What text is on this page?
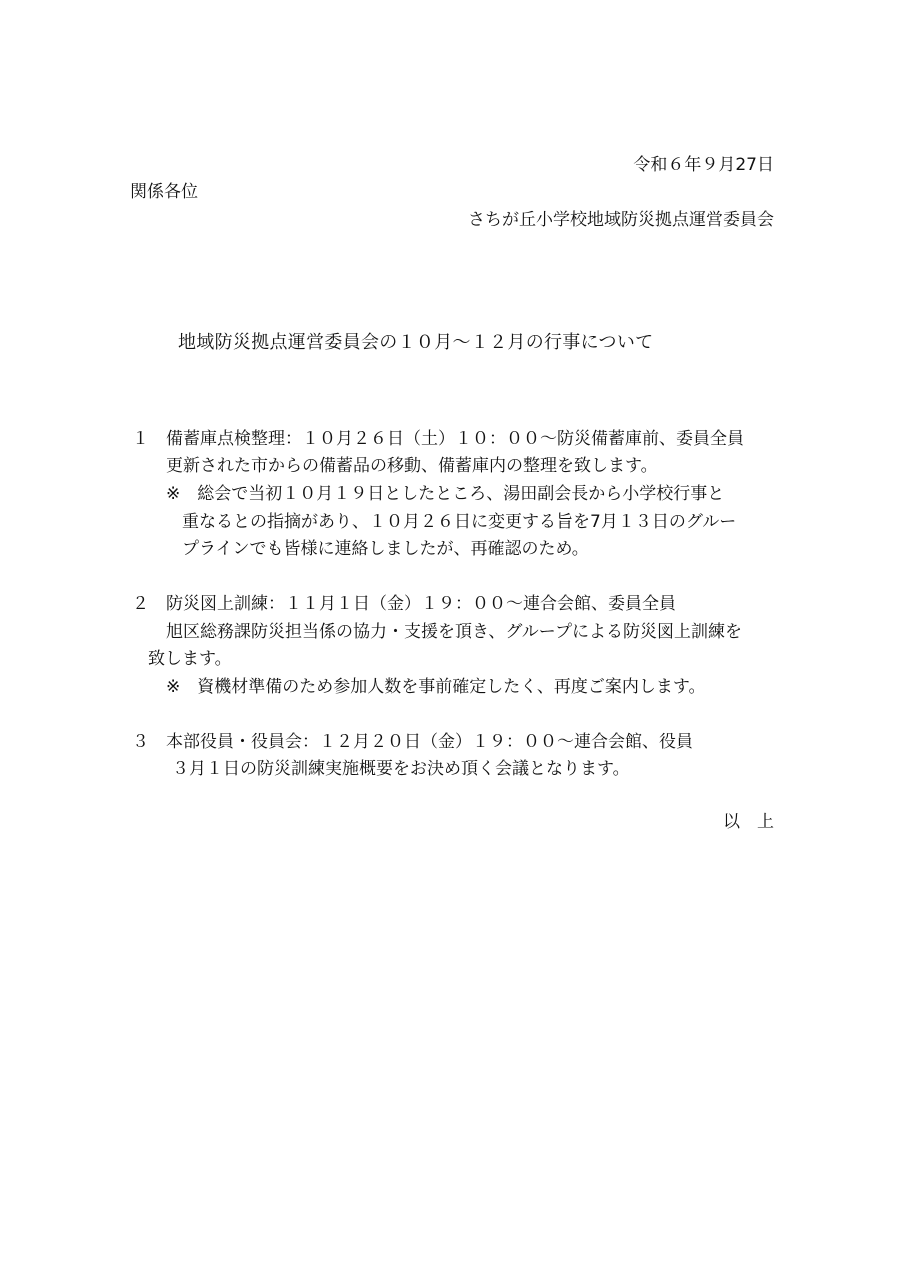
令和６年９月27日
関係各位
さちが丘小学校地域防災拠点運営委員会
地域防災拠点運営委員会の１０月～１２月の行事について
１ 備蓄庫点検整理：１０月２６日（土）１０：００～防災備蓄庫前、委員全員
更新された市からの備蓄品の移動、備蓄庫内の整理を致します。
※　総会で当初１０月１９日としたところ、湯田副会長から小学校行事と
重なるとの指摘があり、１０月２６日に変更する旨を7月１３日のグルー
プラインでも皆様に連絡しましたが、再確認のため。
２ 防災図上訓練：１１月１日（金）１９：００～連合会館、委員全員
旭区総務課防災担当係の協力・支援を頂き、グループによる防災図上訓練を
致します。
※　資機材準備のため参加人数を事前確定したく、再度ご案内します。
３ 本部役員・役員会：１２月２０日（金）１９：００～連合会館、役員
３月１日の防災訓練実施概要をお決め頂く会議となります。
以　上
